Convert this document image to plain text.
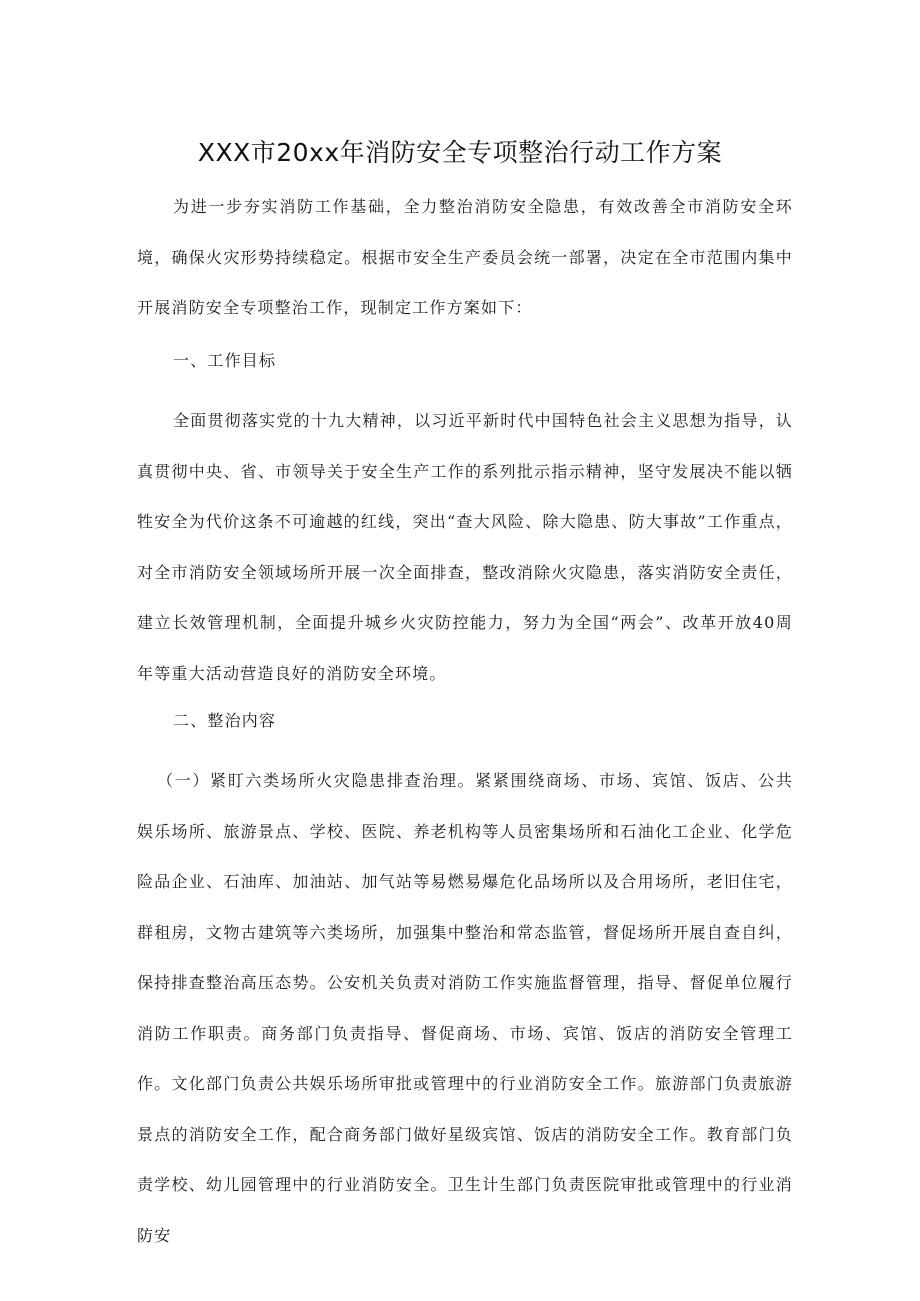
XXX市20xx年消防安全专项整治行动工作方案

为进一步夯实消防工作基础，全力整治消防安全隐患，有效改善全市消防安全环境，确保火灾形势持续稳定。根据市安全生产委员会统一部署，决定在全市范围内集中开展消防安全专项整治工作，现制定工作方案如下：

一、工作目标

全面贯彻落实党的十九大精神，以习近平新时代中国特色社会主义思想为指导，认真贯彻中央、省、市领导关于安全生产工作的系列批示指示精神，坚守发展决不能以牺牲安全为代价这条不可逾越的红线，突出“查大风险、除大隐患、防大事故”工作重点，对全市消防安全领域场所开展一次全面排查，整改消除火灾隐患，落实消防安全责任，建立长效管理机制，全面提升城乡火灾防控能力，努力为全国“两会”、改革开放40周年等重大活动营造良好的消防安全环境。

二、整治内容

（一）紧盯六类场所火灾隐患排查治理。紧紧围绕商场、市场、宾馆、饭店、公共娱乐场所、旅游景点、学校、医院、养老机构等人员密集场所和石油化工企业、化学危险品企业、石油库、加油站、加气站等易燃易爆危化品场所以及合用场所，老旧住宅，群租房，文物古建筑等六类场所，加强集中整治和常态监管，督促场所开展自查自纠，保持排查整治高压态势。公安机关负责对消防工作实施监督管理，指导、督促单位履行消防工作职责。商务部门负责指导、督促商场、市场、宾馆、饭店的消防安全管理工作。文化部门负责公共娱乐场所审批或管理中的行业消防安全工作。旅游部门负责旅游景点的消防安全工作，配合商务部门做好星级宾馆、饭店的消防安全工作。教育部门负责学校、幼儿园管理中的行业消防安全。卫生计生部门负责医院审批或管理中的行业消防安
